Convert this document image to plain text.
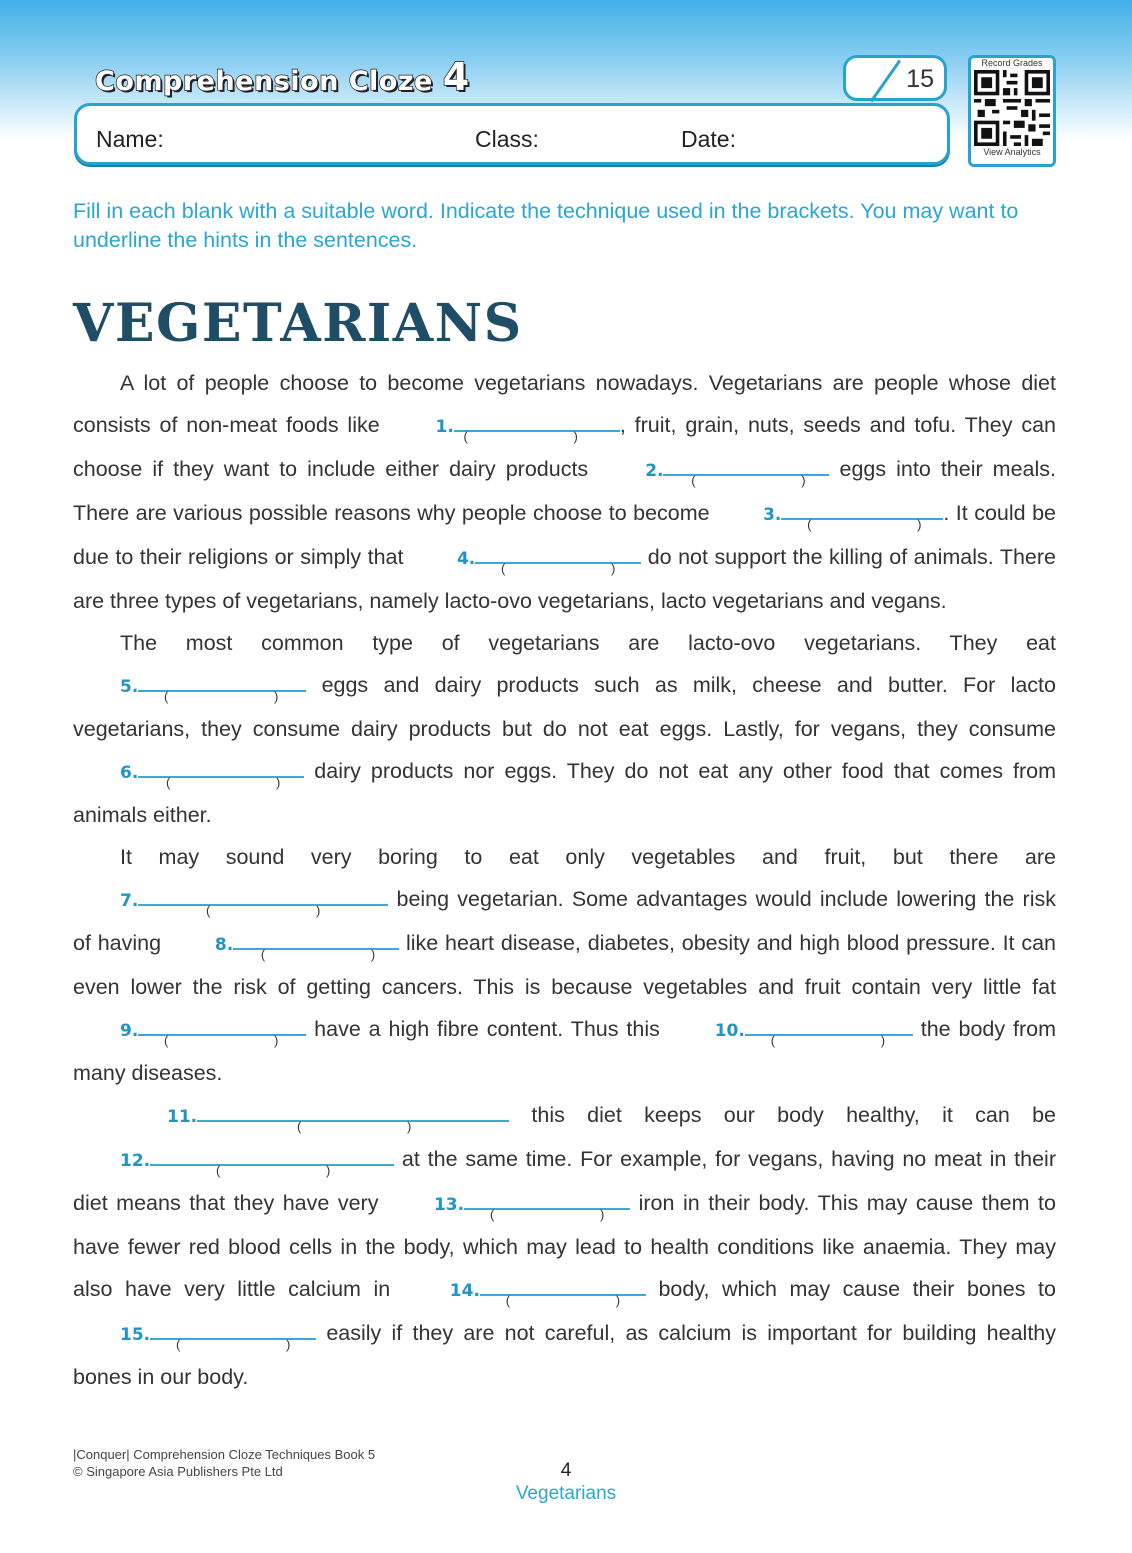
Comprehension Cloze 4	15
Name:	Class:	Date:
Record Grades
View Analytics
Fill in each blank with a suitable word. Indicate the technique used in the brackets. You may want to underline the hints in the sentences.
VEGETARIANS

A lot of people choose to become vegetarians nowadays. Vegetarians are people whose diet consists of non-meat foods like	1. (	) , fruit, grain, nuts, seeds and tofu. They can choose if they want to include either dairy products	2.	(	) eggs into their meals. There are various possible reasons why people choose to become	3.	(	) . It could be due to their religions or simply that	4.	(	) do not support the killing of animals. There are three types of vegetarians, namely lacto-ovo vegetarians, lacto vegetarians and vegans.

The most common type of vegetarians are lacto-ovo vegetarians. They eat 5.	(	) eggs and dairy products such as milk, cheese and butter. For lacto vegetarians, they consume dairy products but do not eat eggs. Lastly, for vegans, they consume 6.	(	) dairy products nor eggs. They do not eat any other food that comes from animals either.

It may sound very boring to eat only vegetables and fruit, but there are 7.	(	)	being vegetarian. Some advantages would include lowering the risk of having	8.	(	) like heart disease, diabetes, obesity and high blood pressure. It can even lower the risk of getting cancers. This is because vegetables and fruit contain very little fat 9.	(	) have a high fibre content. Thus this	10.	(	) the body from many diseases.

11.	(	)	this diet keeps our body healthy, it can be 12.	(	)	at the same time. For example, for vegans, having no meat in their diet means that they have very	13.	(	) iron in their body. This may cause them to have fewer red blood cells in the body, which may lead to health conditions like anaemia. They may also have very little calcium in	14.	(	) body, which may cause their bones to 15.	(	) easily if they are not careful, as calcium is important for building healthy bones in our body.

|Conquer| Comprehension Cloze Techniques Book 5
© Singapore Asia Publishers Pte Ltd	4
Vegetarians
